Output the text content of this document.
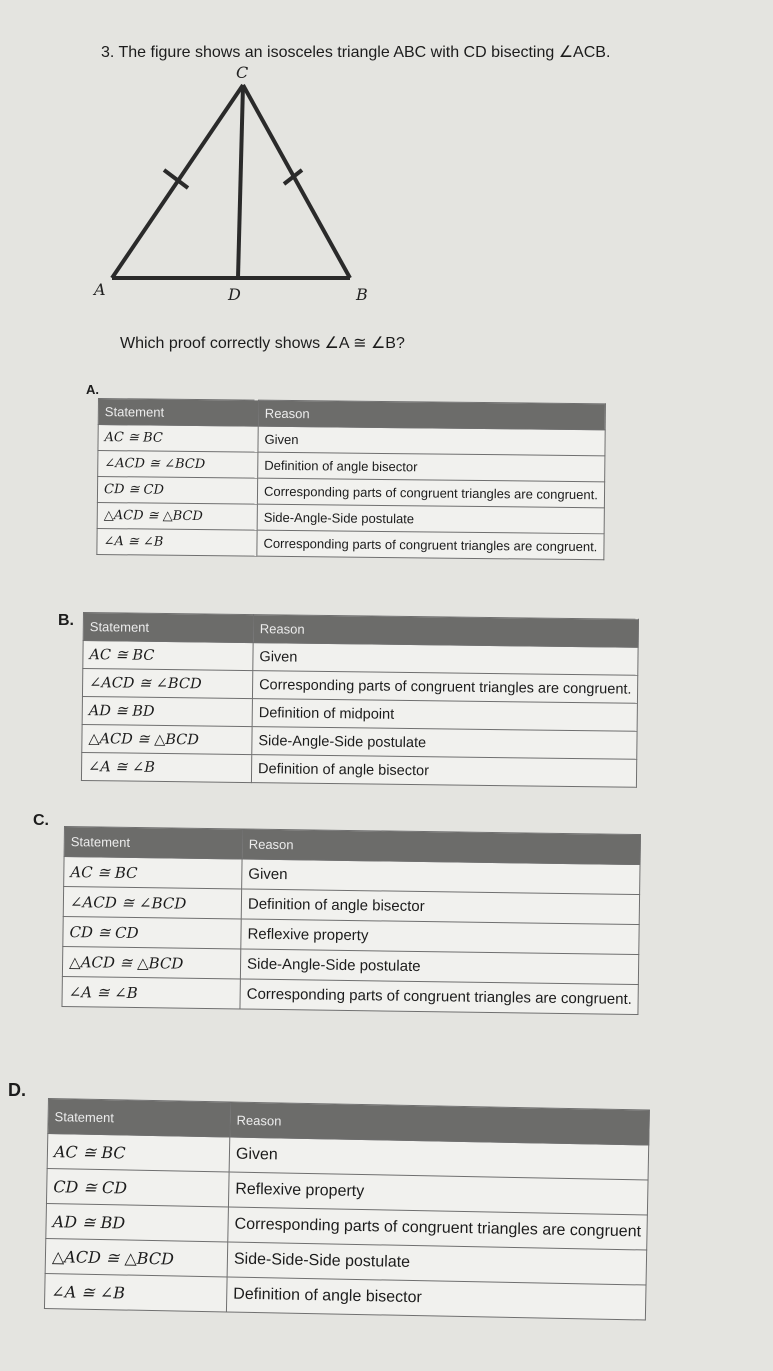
3. The figure shows an isosceles triangle ABC with CD bisecting ∠ACB.
C
A	D	B
Which proof correctly shows ∠A ≅ ∠B?
A.
Statement	Reason
AC ≅ BC	Given
∠ACD ≅ ∠BCD	Definition of angle bisector
CD ≅ CD	Corresponding parts of congruent triangles are congruent.
△ACD ≅ △BCD	Side-Angle-Side postulate
∠A ≅ ∠B	Corresponding parts of congruent triangles are congruent.
B. Statement	Reason
AC ≅ BC	Given
∠ACD ≅ ∠BCD	Corresponding parts of congruent triangles are congruent.
AD ≅ BD	Definition of midpoint
△ACD ≅ △BCD	Side-Angle-Side postulate
∠A ≅ ∠B	Definition of angle bisector
C.
Statement	Reason
AC ≅ BC	Given
∠ACD ≅ ∠BCD	Definition of angle bisector
CD ≅ CD	Reflexive property
△ACD ≅ △BCD	Side-Angle-Side postulate
∠A ≅ ∠B	Corresponding parts of congruent triangles are congruent.
D.
Statement	Reason
AC ≅ BC	Given
CD ≅ CD	Reflexive property
AD ≅ BD	Corresponding parts of congruent triangles are congruent
△ACD ≅ △BCD	Side-Side-Side postulate
∠A ≅ ∠B	Definition of angle bisector
